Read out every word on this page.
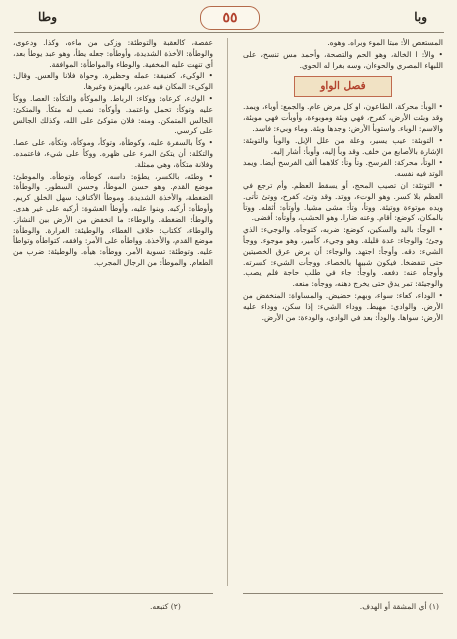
وبا
٥٥
وطا

المستعص الأ: مبتا الموء وبراه. وهوه.

• والأ: ا الخالة، وهو الحم والتصحة، وأحمد مس تنسح، على اللبهاء المصري والحوءان، وسه بغرا له الحوي.

فصل الواو

• الوبأ: محركة، الطاعون، او كل مرض عام. والجمع: أوباء، ويمد. وقد وبئت الأرض، كفرح، فهي وبئة وموبوءة، وأوبأت فهي موبئة، والاسم: الوباء. واستوبأ الأرض: وجدها وبئة. وماء وبيء: فاسد.

• التوبئة: عيب يسير، وعلة من علل الإبل. والوبأ والتوبئة: الإشارة بالأصابع من خلف. وقد وبأ إليه، وأوبأ: أشار إليه.

• الوتأ، محركة: الفرسح. وتأ وتأ: كلاهما ألف الفرسح أيضا. ويمد الوتد فيه نفسه.

• التوتئة: ان تصيب المحج، أو يسقط العظم. وأم ترجع في العظم بلا كسر. وهو الوتء، ووتد. وقد وتئ، كفرح، ووتئ تأتى. ويده موتوءة ووتيئة. ووتأ، وتأ: مشى مشيا. وأوتأه: أثقله. ووتأ بالمكان، كوضع: أقام. وعنه ضارا. وهو الحشب، وأوتأه: أفضى.

• الوجأ: باليد والسكين، كوضع: ضربه، كتوجأه. والوجيء: الذي وجئ؛ والوجاء: عدة قليلة. وهو وجيء، كأمير، وهو موجوء. ووجأ الشيء: دقه. وأوجأ: اجتهد. والوجاء: أن يرض عرق الخصيتين حتى تنفضخا. فيكون شبيها بالخصاء. ووجأت الشيء: كسرته. وأوجأه عنه: دفعه. واوجأ: جاء في طلب حاجة فلم يصب. والوجيئة: تمر يدق حتى يخرج دهنه، ووجأه: منعه.

• الوداء، كعاء: سواء، وبهم: حضيض. والمساواة: المنخفض من الأرض. والوادي: مهيط. ووداء الشيء: إذا سكن، ووداء عليه الأرض: سواها. والودأ: بعد في الوادي، والودءة: من الأرض.

عفصة، كالعقبة والتوطئة: وزكى من ماءه، وكذا. ودعوى، والوطأة: الأخذة الشديدة، وأوطأه: جعله يطأ، وهو عبد يوطأ بعد، أي تنهت عليه المخفية. والوطاء والمواطأة: الموافقة.

• الوكيء، كعنيفة: عمله وحظيرة. وحواة فلانا والعس. وقال: الوكيء: المكان فيه غدير، بالهمزة وغيرها.

• الوكء، كرعاه: ووكاء: الرباط. والموكأة والتكأة: العصا. ووكأ عليه وتوكأ: تحمل واعتمد. وأوكأه: نصب له متكأ. والمتكئ: الجالس المتمكن. ومنه: فلان متوكئ على الله، وكذلك الجالس على كرسي.

• وكأ بالسفرة عليه، وكوطأة، وتوكأ، وموكأة، وتكأة، على عصا. والتكلة: أن يتكئ المرء على ظهره. ووكأ على شيء، فاعتمده. وفلانة متكأة، وهي ممثلة.

• وطئه، بالكسر، يطؤه: داسه، كوطأه، وتوطأه. والموطئ: موضع القدم. وهو حسن الموطأ، وحسن السطور. والوطأة: الضغطة، والأخذة الشديدة. وموطأ الأكناف: سهل الخلق كريم. وأوطأه: أركبه. وبنوا عليه، وأوطأ العشوة: أركبه على غير هدى. والوطأ: الضغطة. والوطاء: ما انخفض من الأرض بين النشاز. والوطاء، ككتاب: خلاف الغطاء. والوطيئة: الغرارة. والوطأة: موضع القدم، والأخذة. وواطأه على الأمر: وافقه، كتواطأه وتواطأ عليه. وتوطئة: تسوية الأمر. ووطأه: هيأه. والوطيئة: ضرب من الطعام. والموطأ: من الرجال المجرب.

(١) أي المشقة أو الهدف.
(٢) كتبعه.
